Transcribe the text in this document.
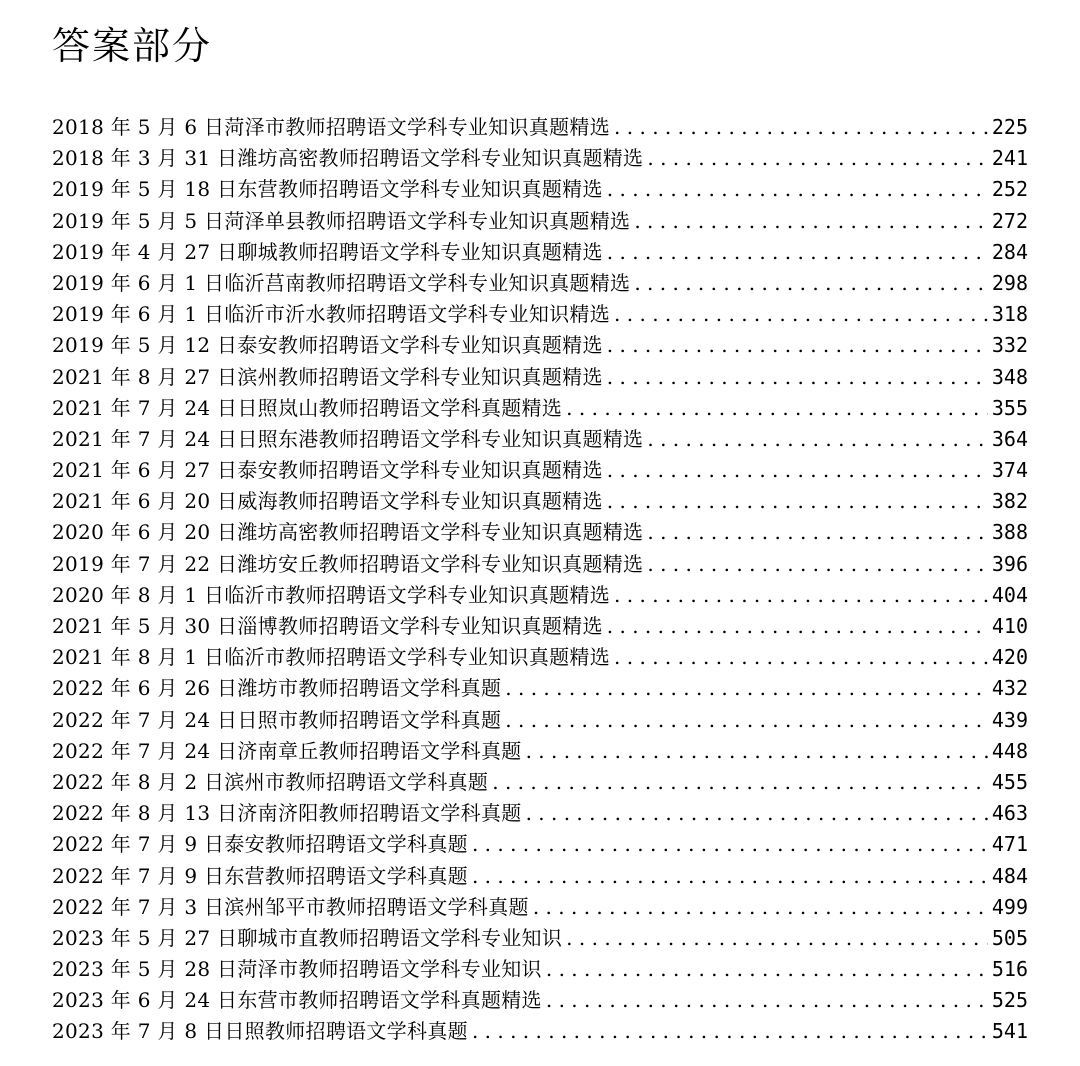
答案部分
2018 年 5 月 6 日菏泽市教师招聘语文学科专业知识真题精选 . . .	225
2018 年 3 月 31 日潍坊高密教师招聘语文学科专业知识真题精选 . . .	241
2019 年 5 月 18 日东营教师招聘语文学科专业知识真题精选 . . .	252
2019 年 5 月 5 日菏泽单县教师招聘语文学科专业知识真题精选 . . .	272
2019 年 4 月 27 日聊城教师招聘语文学科专业知识真题精选 . . .	284
2019 年 6 月 1 日临沂莒南教师招聘语文学科专业知识真题精选 . . .	298
2019 年 6 月 1 日临沂市沂水教师招聘语文学科专业知识精选 . . .	318
2019 年 5 月 12 日泰安教师招聘语文学科专业知识真题精选 . . .	332
2021 年 8 月 27 日滨州教师招聘语文学科专业知识真题精选 . . .	348
2021 年 7 月 24 日日照岚山教师招聘语文学科真题精选 . . .	355
2021 年 7 月 24 日日照东港教师招聘语文学科专业知识真题精选 . . .	364
2021 年 6 月 27 日泰安教师招聘语文学科专业知识真题精选 . . .	374
2021 年 6 月 20 日威海教师招聘语文学科专业知识真题精选 . . .	382
2020 年 6 月 20 日潍坊高密教师招聘语文学科专业知识真题精选 . . .	388
2019 年 7 月 22 日潍坊安丘教师招聘语文学科专业知识真题精选 . . .	396
2020 年 8 月 1 日临沂市教师招聘语文学科专业知识真题精选 . . .	404
2021 年 5 月 30 日淄博教师招聘语文学科专业知识真题精选 . . .	410
2021 年 8 月 1 日临沂市教师招聘语文学科专业知识真题精选 . . .	420
2022 年 6 月 26 日潍坊市教师招聘语文学科真题 . . .	432
2022 年 7 月 24 日日照市教师招聘语文学科真题 . . .	439
2022 年 7 月 24 日济南章丘教师招聘语文学科真题 . . .	448
2022 年 8 月 2 日滨州市教师招聘语文学科真题 . . .	455
2022 年 8 月 13 日济南济阳教师招聘语文学科真题 . . .	463
2022 年 7 月 9 日泰安教师招聘语文学科真题 . . .	471
2022 年 7 月 9 日东营教师招聘语文学科真题 . . .	484
2022 年 7 月 3 日滨州邹平市教师招聘语文学科真题 . . .	499
2023 年 5 月 27 日聊城市直教师招聘语文学科专业知识 . . .	505
2023 年 5 月 28 日菏泽市教师招聘语文学科专业知识 . . .	516
2023 年 6 月 24 日东营市教师招聘语文学科真题精选 . . .	525
2023 年 7 月 8 日日照教师招聘语文学科真题 . . .	541
